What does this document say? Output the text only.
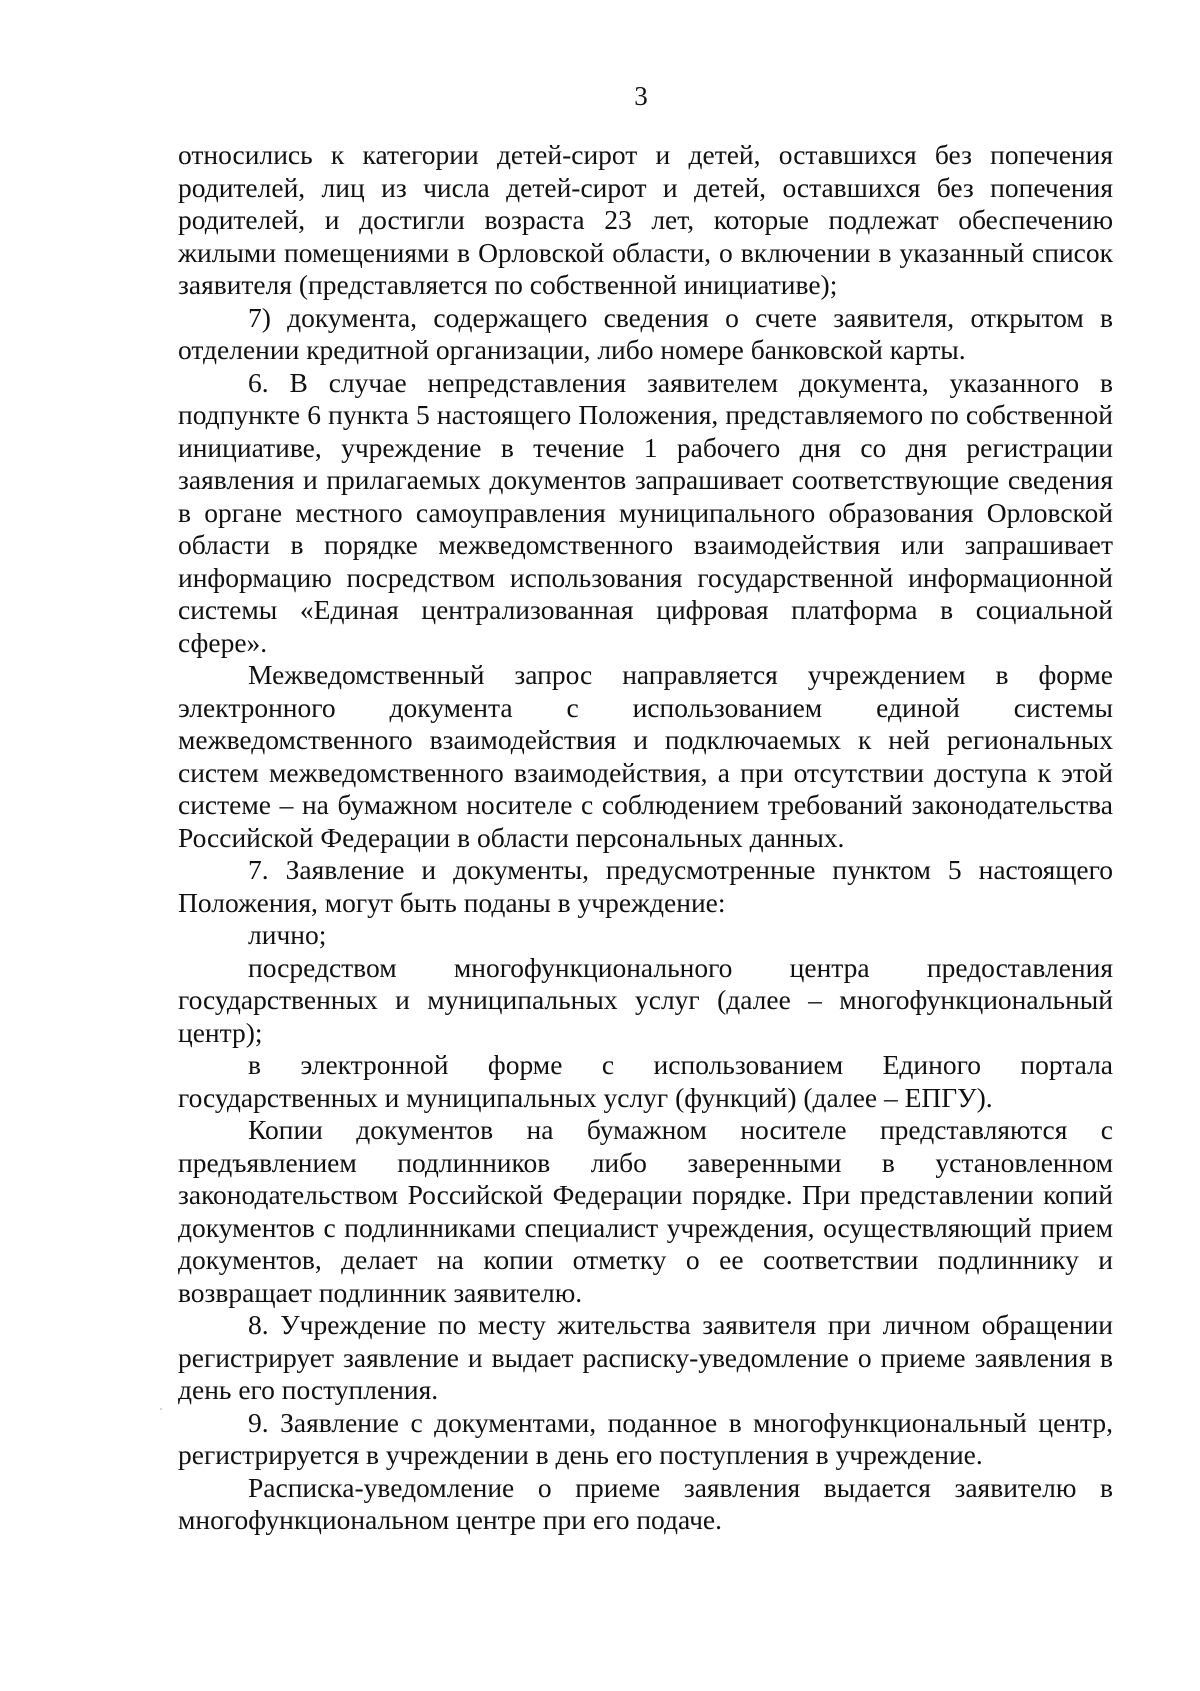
3

относились к категории детей-сирот и детей, оставшихся без попечения родителей, лиц из числа детей-сирот и детей, оставшихся без попечения родителей, и достигли возраста 23 лет, которые подлежат обеспечению жилыми помещениями в Орловской области, о включении в указанный список заявителя (представляется по собственной инициативе);

7) документа, содержащего сведения о счете заявителя, открытом в отделении кредитной организации, либо номере банковской карты.

6. В случае непредставления заявителем документа, указанного в подпункте 6 пункта 5 настоящего Положения, представляемого по собственной инициативе, учреждение в течение 1 рабочего дня со дня регистрации заявления и прилагаемых документов запрашивает соответствующие сведения в органе местного самоуправления муниципального образования Орловской области в порядке межведомственного взаимодействия или запрашивает информацию посредством использования государственной информационной системы «Единая централизованная цифровая платформа в социальной сфере».

Межведомственный запрос направляется учреждением в форме электронного документа с использованием единой системы межведомственного взаимодействия и подключаемых к ней региональных систем межведомственного взаимодействия, а при отсутствии доступа к этой системе – на бумажном носителе с соблюдением требований законодательства Российской Федерации в области персональных данных.

7. Заявление и документы, предусмотренные пунктом 5 настоящего Положения, могут быть поданы в учреждение:

лично;

посредством многофункционального центра предоставления государственных и муниципальных услуг (далее – многофункциональный центр);

в электронной форме с использованием Единого портала государственных и муниципальных услуг (функций) (далее – ЕПГУ).

Копии документов на бумажном носителе представляются с предъявлением подлинников либо заверенными в установленном законодательством Российской Федерации порядке. При представлении копий документов с подлинниками специалист учреждения, осуществляющий прием документов, делает на копии отметку о ее соответствии подлиннику и возвращает подлинник заявителю.

8. Учреждение по месту жительства заявителя при личном обращении регистрирует заявление и выдает расписку-уведомление о приеме заявления в день его поступления.

9. Заявление с документами, поданное в многофункциональный центр, регистрируется в учреждении в день его поступления в учреждение.

Расписка-уведомление о приеме заявления выдается заявителю в многофункциональном центре при его подаче.
